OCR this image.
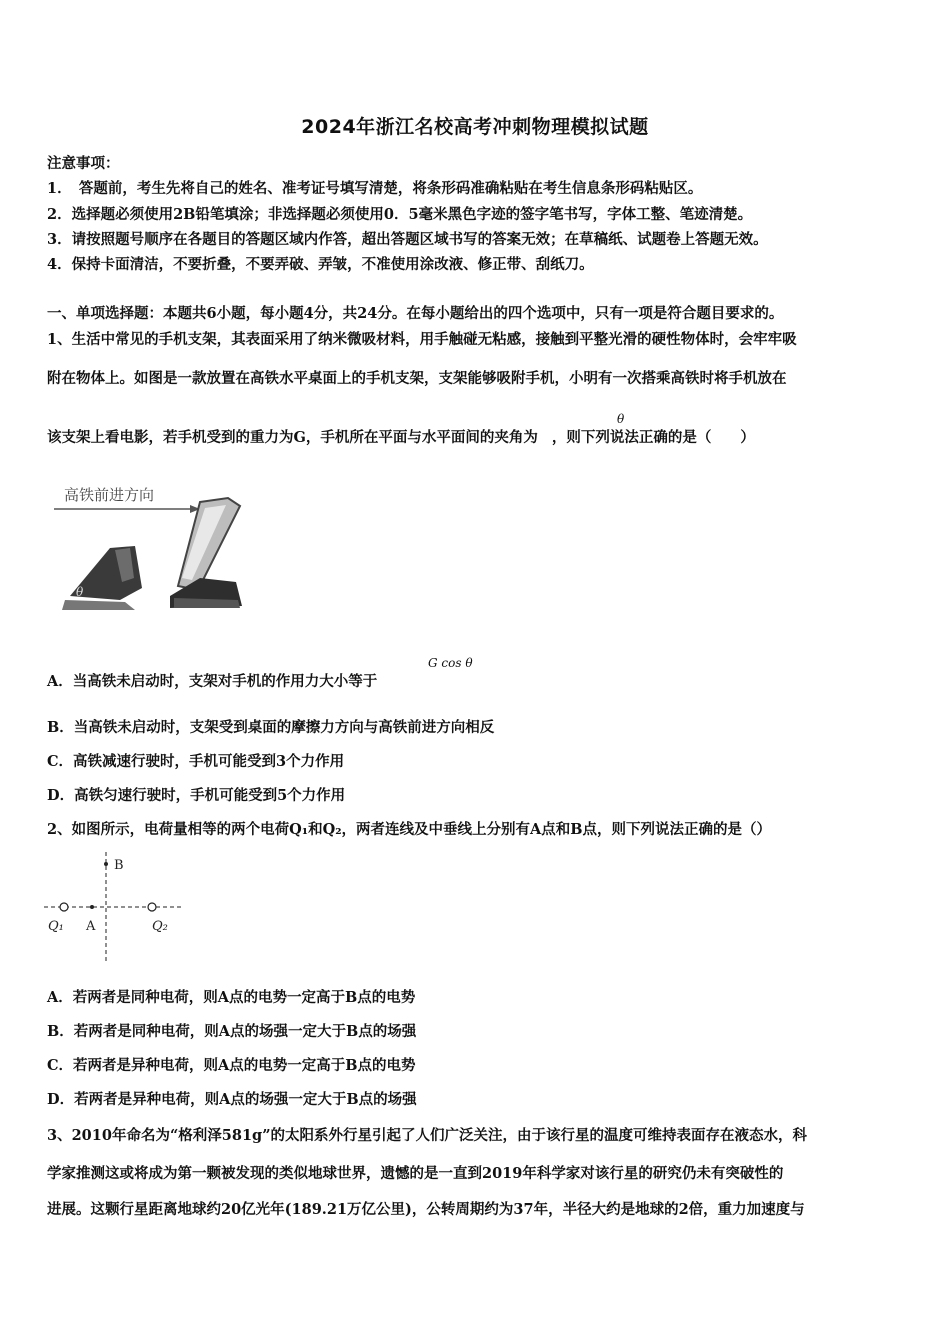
2024年浙江名校高考冲刺物理模拟试题
注意事项：
1．　答题前，考生先将自己的姓名、准考证号填写清楚，将条形码准确粘贴在考生信息条形码粘贴区。
2．选择题必须使用2B铅笔填涂；非选择题必须使用0．5毫米黑色字迹的签字笔书写，字体工整、笔迹清楚。
3．请按照题号顺序在各题目的答题区域内作答，超出答题区域书写的答案无效；在草稿纸、试题卷上答题无效。
4．保持卡面清洁，不要折叠，不要弄破、弄皱，不准使用涂改液、修正带、刮纸刀。
一、单项选择题：本题共6小题，每小题4分，共24分。在每小题给出的四个选项中，只有一项是符合题目要求的。
1、生活中常见的手机支架，其表面采用了纳米微吸材料，用手触碰无粘感，接触到平整光滑的硬性物体时，会牢牢吸
附在物体上。如图是一款放置在高铁水平桌面上的手机支架，支架能够吸附手机，小明有一次搭乘高铁时将手机放在
该支架上看电影，若手机受到的重力为G，手机所在平面与水平面间的夹角为 ，则下列说法正确的是（　　）
θ
高铁前进方向
θ
A．当高铁未启动时，支架对手机的作用力大小等于
G cos θ
B．当高铁未启动时，支架受到桌面的摩擦力方向与高铁前进方向相反
C．高铁减速行驶时，手机可能受到3个力作用
D．高铁匀速行驶时，手机可能受到5个力作用
2、如图所示，电荷量相等的两个电荷Q₁和Q₂，两者连线及中垂线上分别有A点和B点，则下列说法正确的是（）
B
A
Q₁	Q₂
A．若两者是同种电荷，则A点的电势一定高于B点的电势
B．若两者是同种电荷，则A点的场强一定大于B点的场强
C．若两者是异种电荷，则A点的电势一定高于B点的电势
D．若两者是异种电荷，则A点的场强一定大于B点的场强
3、2010年命名为“格利泽581g”的太阳系外行星引起了人们广泛关注，由于该行星的温度可维持表面存在液态水，科
学家推测这或将成为第一颗被发现的类似地球世界，遗憾的是一直到2019年科学家对该行星的研究仍未有突破性的
进展。这颗行星距离地球约20亿光年(189.21万亿公里)，公转周期约为37年，半径大约是地球的2倍，重力加速度与
